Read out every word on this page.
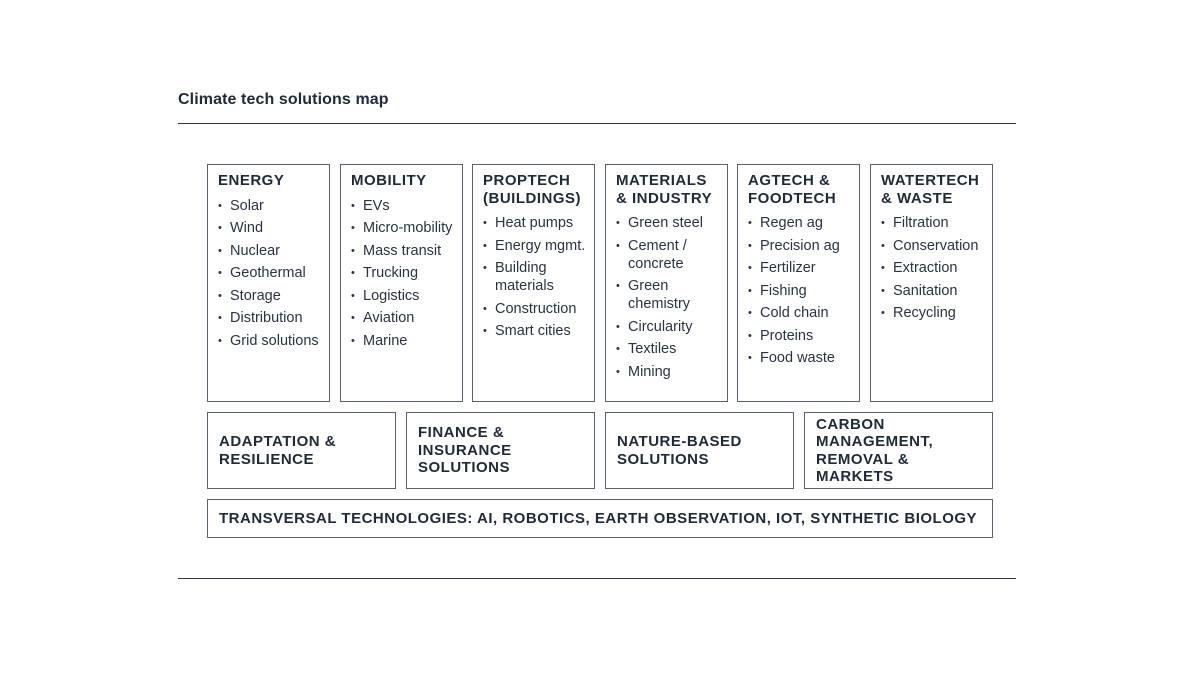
Climate tech solutions map
ENERGY
• Solar
• Wind
• Nuclear
• Geothermal
• Storage
• Distribution
• Grid solutions
MOBILITY
• EVs
• Micro-mobility
• Mass transit
• Trucking
• Logistics
• Aviation
• Marine
PROPTECH (BUILDINGS)
• Heat pumps
• Energy mgmt.
• Building materials
• Construction
• Smart cities
MATERIALS & INDUSTRY
• Green steel
• Cement / concrete
• Green chemistry
• Circularity
• Textiles
• Mining
AGTECH & FOODTECH
• Regen ag
• Precision ag
• Fertilizer
• Fishing
• Cold chain
• Proteins
• Food waste
WATERTECH & WASTE
• Filtration
• Conservation
• Extraction
• Sanitation
• Recycling
ADAPTATION & RESILIENCE
FINANCE & INSURANCE SOLUTIONS
NATURE-BASED SOLUTIONS
CARBON MANAGEMENT, REMOVAL & MARKETS
TRANSVERSAL TECHNOLOGIES: AI, ROBOTICS, EARTH OBSERVATION, IOT, SYNTHETIC BIOLOGY
